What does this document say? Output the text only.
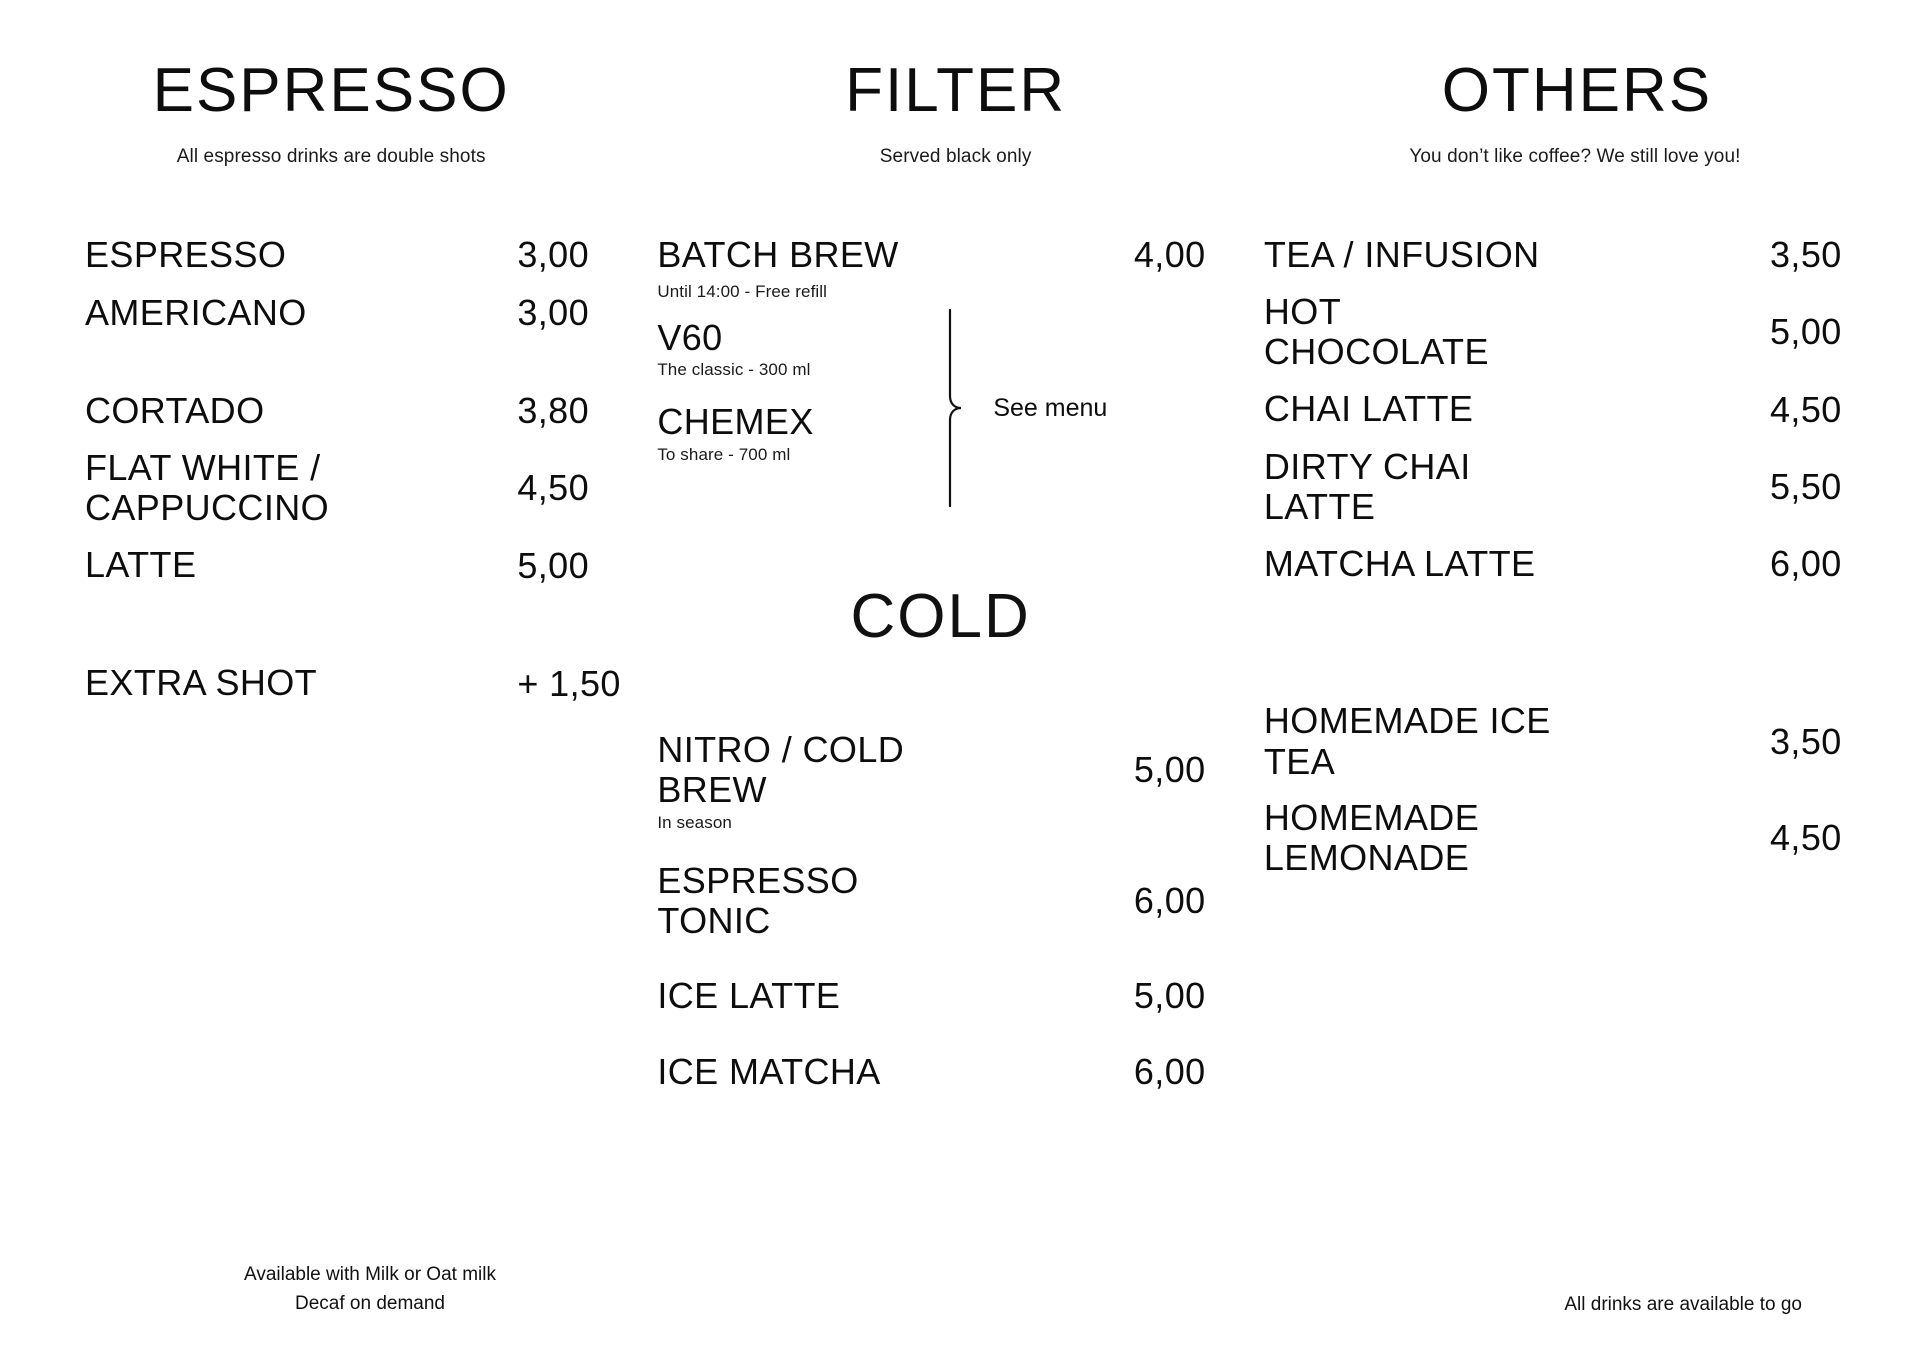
ESPRESSO
All espresso drinks are double shots
ESPRESSO	3,00
AMERICANO	3,00
CORTADO	3,80
FLAT WHITE / CAPPUCCINO	4,50
LATTE	5,00
EXTRA SHOT	+ 1,50
Available with Milk or Oat milk
Decaf on demand
FILTER
Served black only
BATCH BREW	4,00
Until 14:00 - Free refill
V60
The classic - 300 ml
CHEMEX
To share - 700 ml
See menu
COLD
NITRO / COLD BREW	5,00
In season
ESPRESSO TONIC	6,00
ICE LATTE	5,00
ICE MATCHA	6,00
OTHERS
You don’t like coffee? We still love you!
TEA / INFUSION	3,50
HOT CHOCOLATE	5,00
CHAI LATTE	4,50
DIRTY CHAI LATTE	5,50
MATCHA LATTE	6,00
HOMEMADE ICE TEA	3,50
HOMEMADE LEMONADE	4,50
All drinks are available to go
